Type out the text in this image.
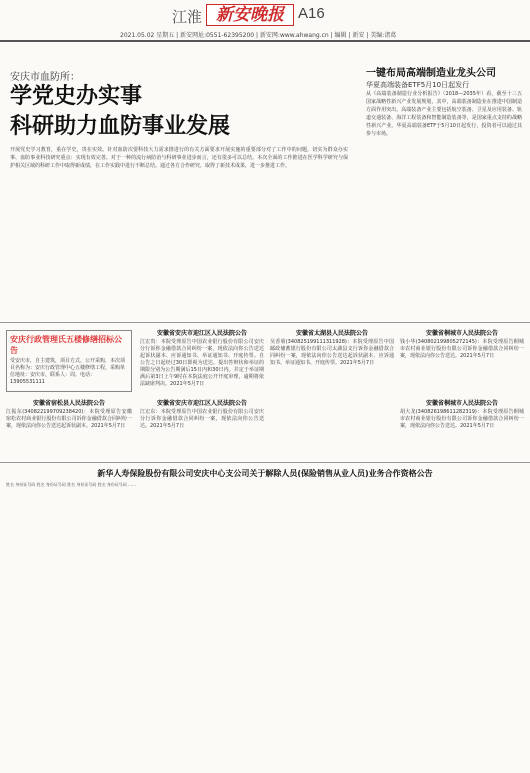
江淮 新安晚报 A16
2021.05.02 星期五 | 新安网址:0551-62395200 | 新安网:www.ahwang.cn | 编辑 | 新安 | 美编:诸葛
安庆市血防所：
学党史办实事
科研助力血防事业发展
开展党史学习教育，重在学史，贵在实效。针对血防次要科技大力需求推进行的有关方面要求开展实施的重要部分对了工作中的问题，切实为群众办实事、血防事业科技研究重点：实现有效完善。对于一种的流行病防治与科研事业进步而言，还有很多可以总结。本次全面的工作推进在医学科学研究与保护相关区域的科研工作中取得新成绩，在工作实践中进行不断总结。通过各方合作研究，取得了新技术成果，进一步推进工作。
一键布局高端制造业龙头公司
华夏高端装备ETF5月10日起发行
从《高端装备制造行业分析报告》（2018—2035年）看，截至十三五国家战略性新兴产业发展规划，其中，高端装备制造业在推进中国制造方面作用突出。高端装备产业主要包括航空装备、卫星及应用装备、轨道交通装备、海洋工程装备和智能制造装备等，是国家重点支持的战略性新兴产业。华夏高端装备ETF于5月10日起发行，投资者可以通过其参与市场。
安庆行政管理氏五楼修缮招标公告
受安庆市，自主建筑，项目方式，公开采购，本次项目名称为：安庆行政管理中心五楼修缮工程，采购单位地址：安庆市，联系人：周。电话：13905531111
安徽省安庆市迎江区人民法院公告
江宏贵：本院受理原告中国农业银行股份有限公司安庆分行诉你金融借款合同纠纷一案，现依法向你公告送达起诉状副本、应诉通知书、举证通知书、开庭传票。自公告之日起经过30日即视为送达。提出答辩状和举证的期限分别为公告期满后15日内和30日内。并定于举证期满后第3日上午9时在本院法庭公开开庭审理，逾期将依法缺席判决。2021年5月7日
安徽省太湖县人民法院公告
吴香菊(340825199111311928)：本院受理原告中国邮政储蓄银行股份有限公司太湖县支行诉你金融借款合同纠纷一案，现依法向你公告送达起诉状副本、应诉通知书、举证通知书、开庭传票。2021年5月7日
安徽省桐城市人民法院公告
钱小华(340802199805272145)：本院受理原告桐城市农村商业银行股份有限公司诉你金融借款合同纠纷一案，现依法向你公告送达。2021年5月7日
安徽省宿松县人民法院公告
江振东(340822199709238420)：本院受理原告安徽宿松农村商业银行股份有限公司诉你金融借款合同纠纷一案，现依法向你公告送达起诉状副本。2021年5月7日
安徽省安庆市迎江区人民法院公告
江宏东：本院受理原告中国农业银行股份有限公司安庆分行诉你金融借款合同纠纷一案，现依法向你公告送达。2021年5月7日
安徽省桐城市人民法院公告
胡大龙(340826198611282319)：本院受理原告桐城市农村商业银行股份有限公司诉你金融借款合同纠纷一案，现依法向你公告送达。2021年5月7日
新华人寿保险股份有限公司安庆中心支公司关于解除人员(保险销售从业人员)业务合作资格公告
姓名 身份证号码 姓名 身份证号码 姓名 身份证号码 姓名 身份证号码 ……
